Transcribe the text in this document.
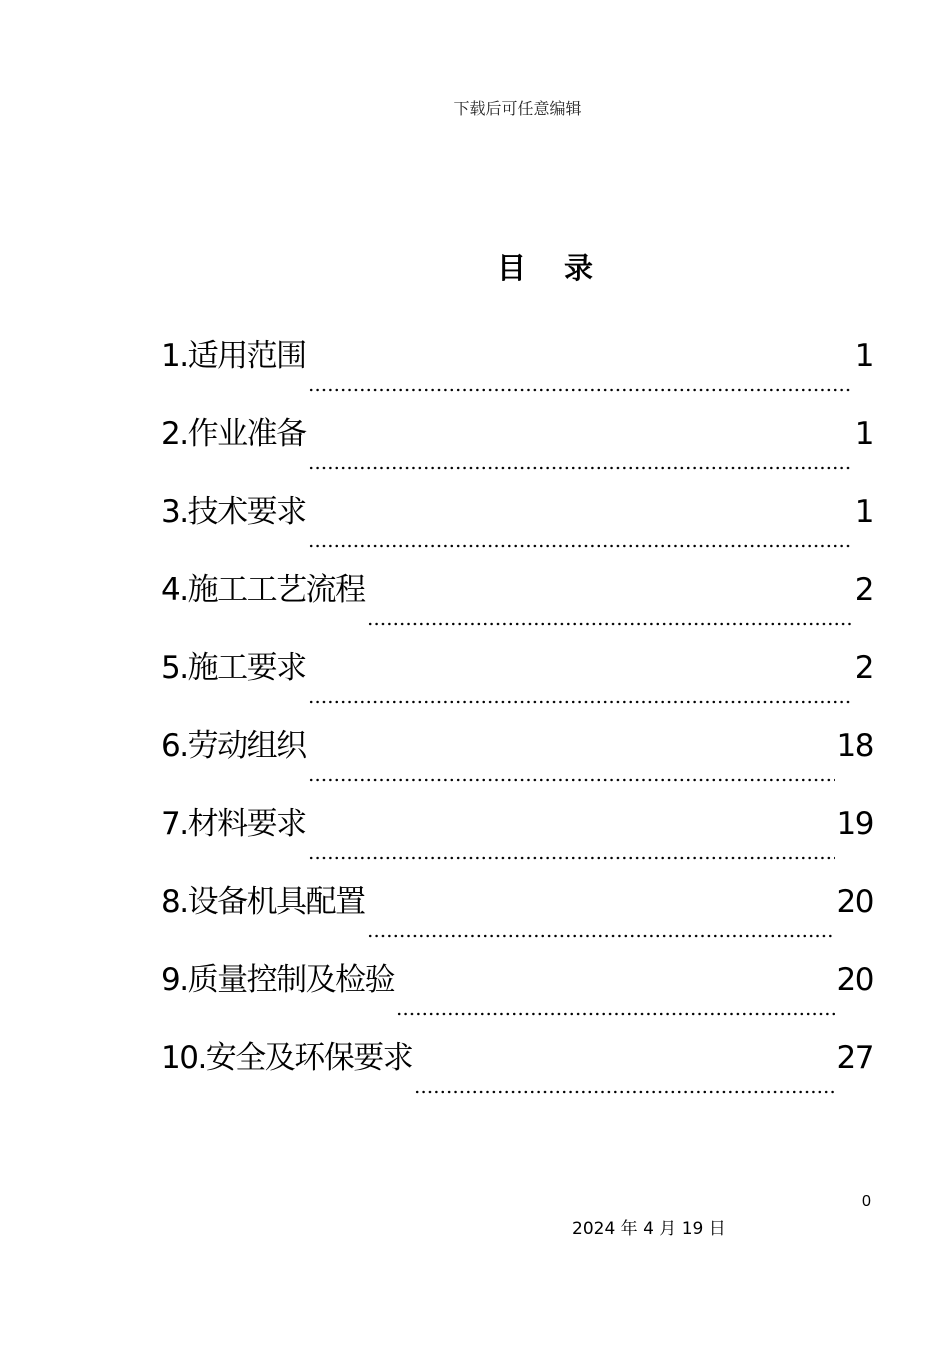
下载后可任意编辑
目 录
1.适用范围	1
2.作业准备	1
3.技术要求	1
4.施工工艺流程	2
5.施工要求	2
6.劳动组织	18
7.材料要求	19
8.设备机具配置	20
9.质量控制及检验	20
10.安全及环保要求	27
0
2024 年 4 月 19 日
